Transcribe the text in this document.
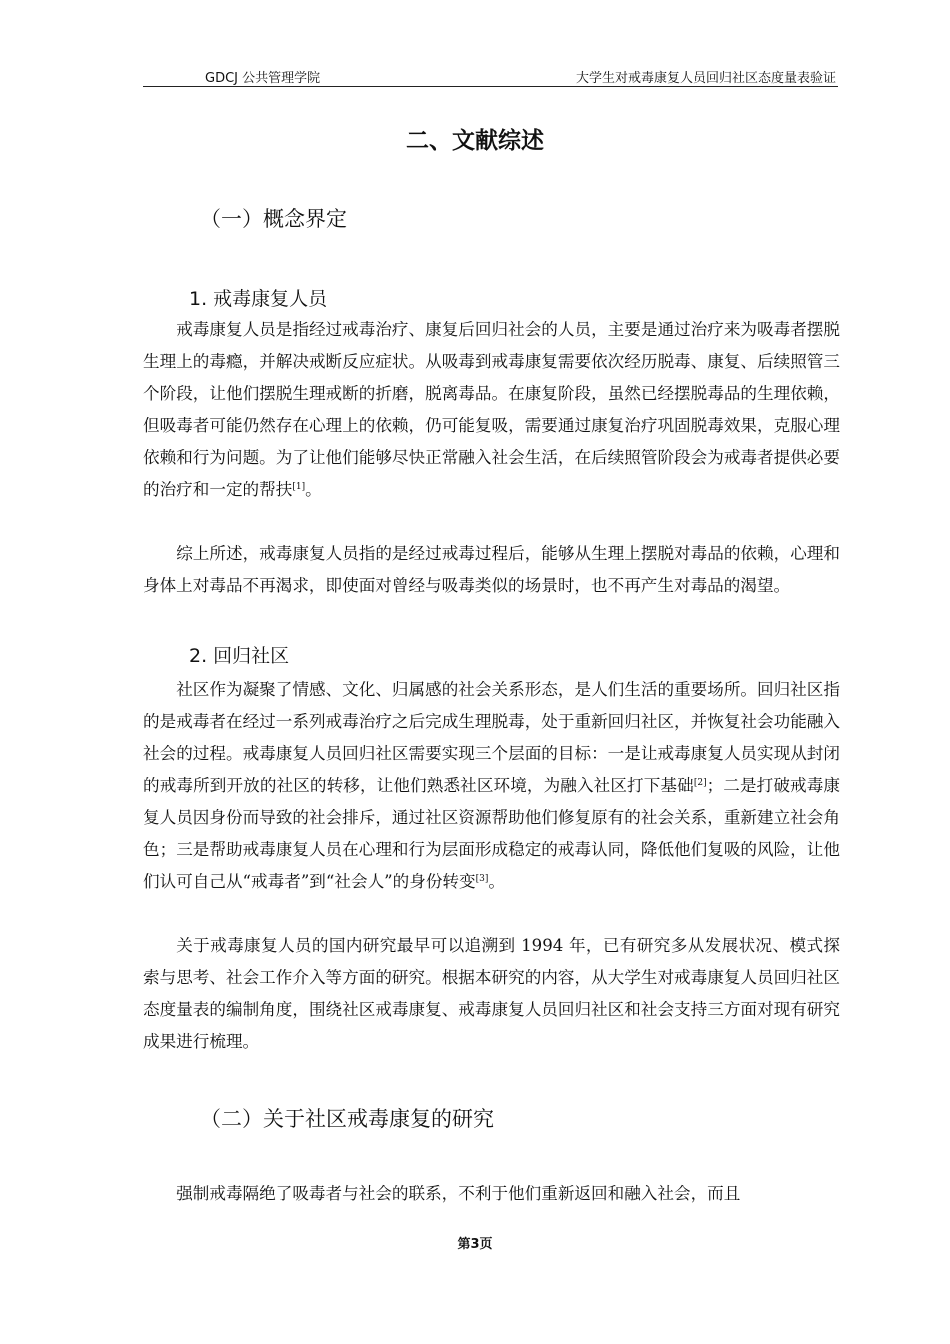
GDCJ 公共管理学院	大学生对戒毒康复人员回归社区态度量表验证
二、文献综述
（一）概念界定
1. 戒毒康复人员

戒毒康复人员是指经过戒毒治疗、康复后回归社会的人员，主要是通过治疗来为吸毒者摆脱生理上的毒瘾，并解决戒断反应症状。从吸毒到戒毒康复需要依次经历脱毒、康复、后续照管三个阶段，让他们摆脱生理戒断的折磨，脱离毒品。在康复阶段，虽然已经摆脱毒品的生理依赖，但吸毒者可能仍然存在心理上的依赖，仍可能复吸，需要通过康复治疗巩固脱毒效果，克服心理依赖和行为问题。为了让他们能够尽快正常融入社会生活，在后续照管阶段会为戒毒者提供必要的治疗和一定的帮扶[1]。

综上所述，戒毒康复人员指的是经过戒毒过程后，能够从生理上摆脱对毒品的依赖，心理和身体上对毒品不再渴求，即使面对曾经与吸毒类似的场景时，也不再产生对毒品的渴望。

2. 回归社区

社区作为凝聚了情感、文化、归属感的社会关系形态，是人们生活的重要场所。回归社区指的是戒毒者在经过一系列戒毒治疗之后完成生理脱毒，处于重新回归社区，并恢复社会功能融入社会的过程。戒毒康复人员回归社区需要实现三个层面的目标：一是让戒毒康复人员实现从封闭的戒毒所到开放的社区的转移，让他们熟悉社区环境，为融入社区打下基础[2]；二是打破戒毒康复人员因身份而导致的社会排斥，通过社区资源帮助他们修复原有的社会关系，重新建立社会角色；三是帮助戒毒康复人员在心理和行为层面形成稳定的戒毒认同，降低他们复吸的风险，让他们认可自己从“戒毒者”到“社会人”的身份转变[3]。

关于戒毒康复人员的国内研究最早可以追溯到 1994 年，已有研究多从发展状况、模式探索与思考、社会工作介入等方面的研究。根据本研究的内容，从大学生对戒毒康复人员回归社区态度量表的编制角度，围绕社区戒毒康复、戒毒康复人员回归社区和社会支持三方面对现有研究成果进行梳理。

（二）关于社区戒毒康复的研究

强制戒毒隔绝了吸毒者与社会的联系，不利于他们重新返回和融入社会，而且

第3页
